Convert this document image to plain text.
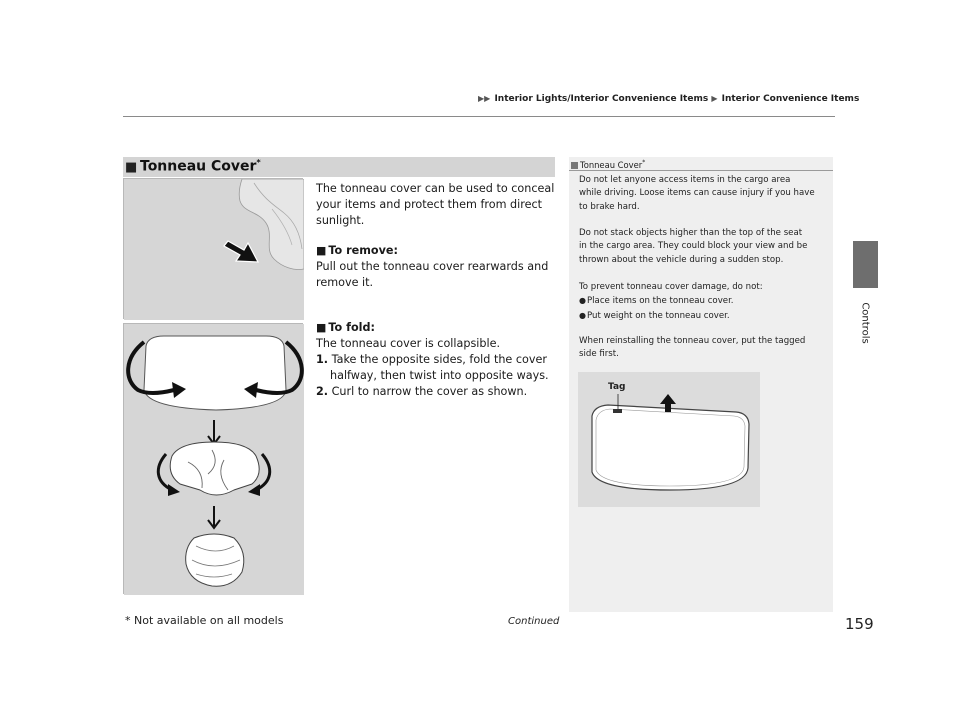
▶▶ Interior Lights/Interior Convenience Items ▶ Interior Convenience Items
Controls
■ Tonneau Cover*
The tonneau cover can be used to conceal
your items and protect them from direct
sunlight.
■ To remove:
Pull out the tonneau cover rearwards and
remove it.
■ To fold:
The tonneau cover is collapsible.
1. Take the opposite sides, fold the cover
halfway, then twist into opposite ways.
2. Curl to narrow the cover as shown.
Tonneau Cover*
Do not let anyone access items in the cargo area
while driving. Loose items can cause injury if you have
to brake hard.
Do not stack objects higher than the top of the seat
in the cargo area. They could block your view and be
thrown about the vehicle during a sudden stop.
To prevent tonneau cover damage, do not:
●Place items on the tonneau cover.
●Put weight on the tonneau cover.
When reinstalling the tonneau cover, put the tagged
side first.
Tag
Continued
* Not available on all models	159
